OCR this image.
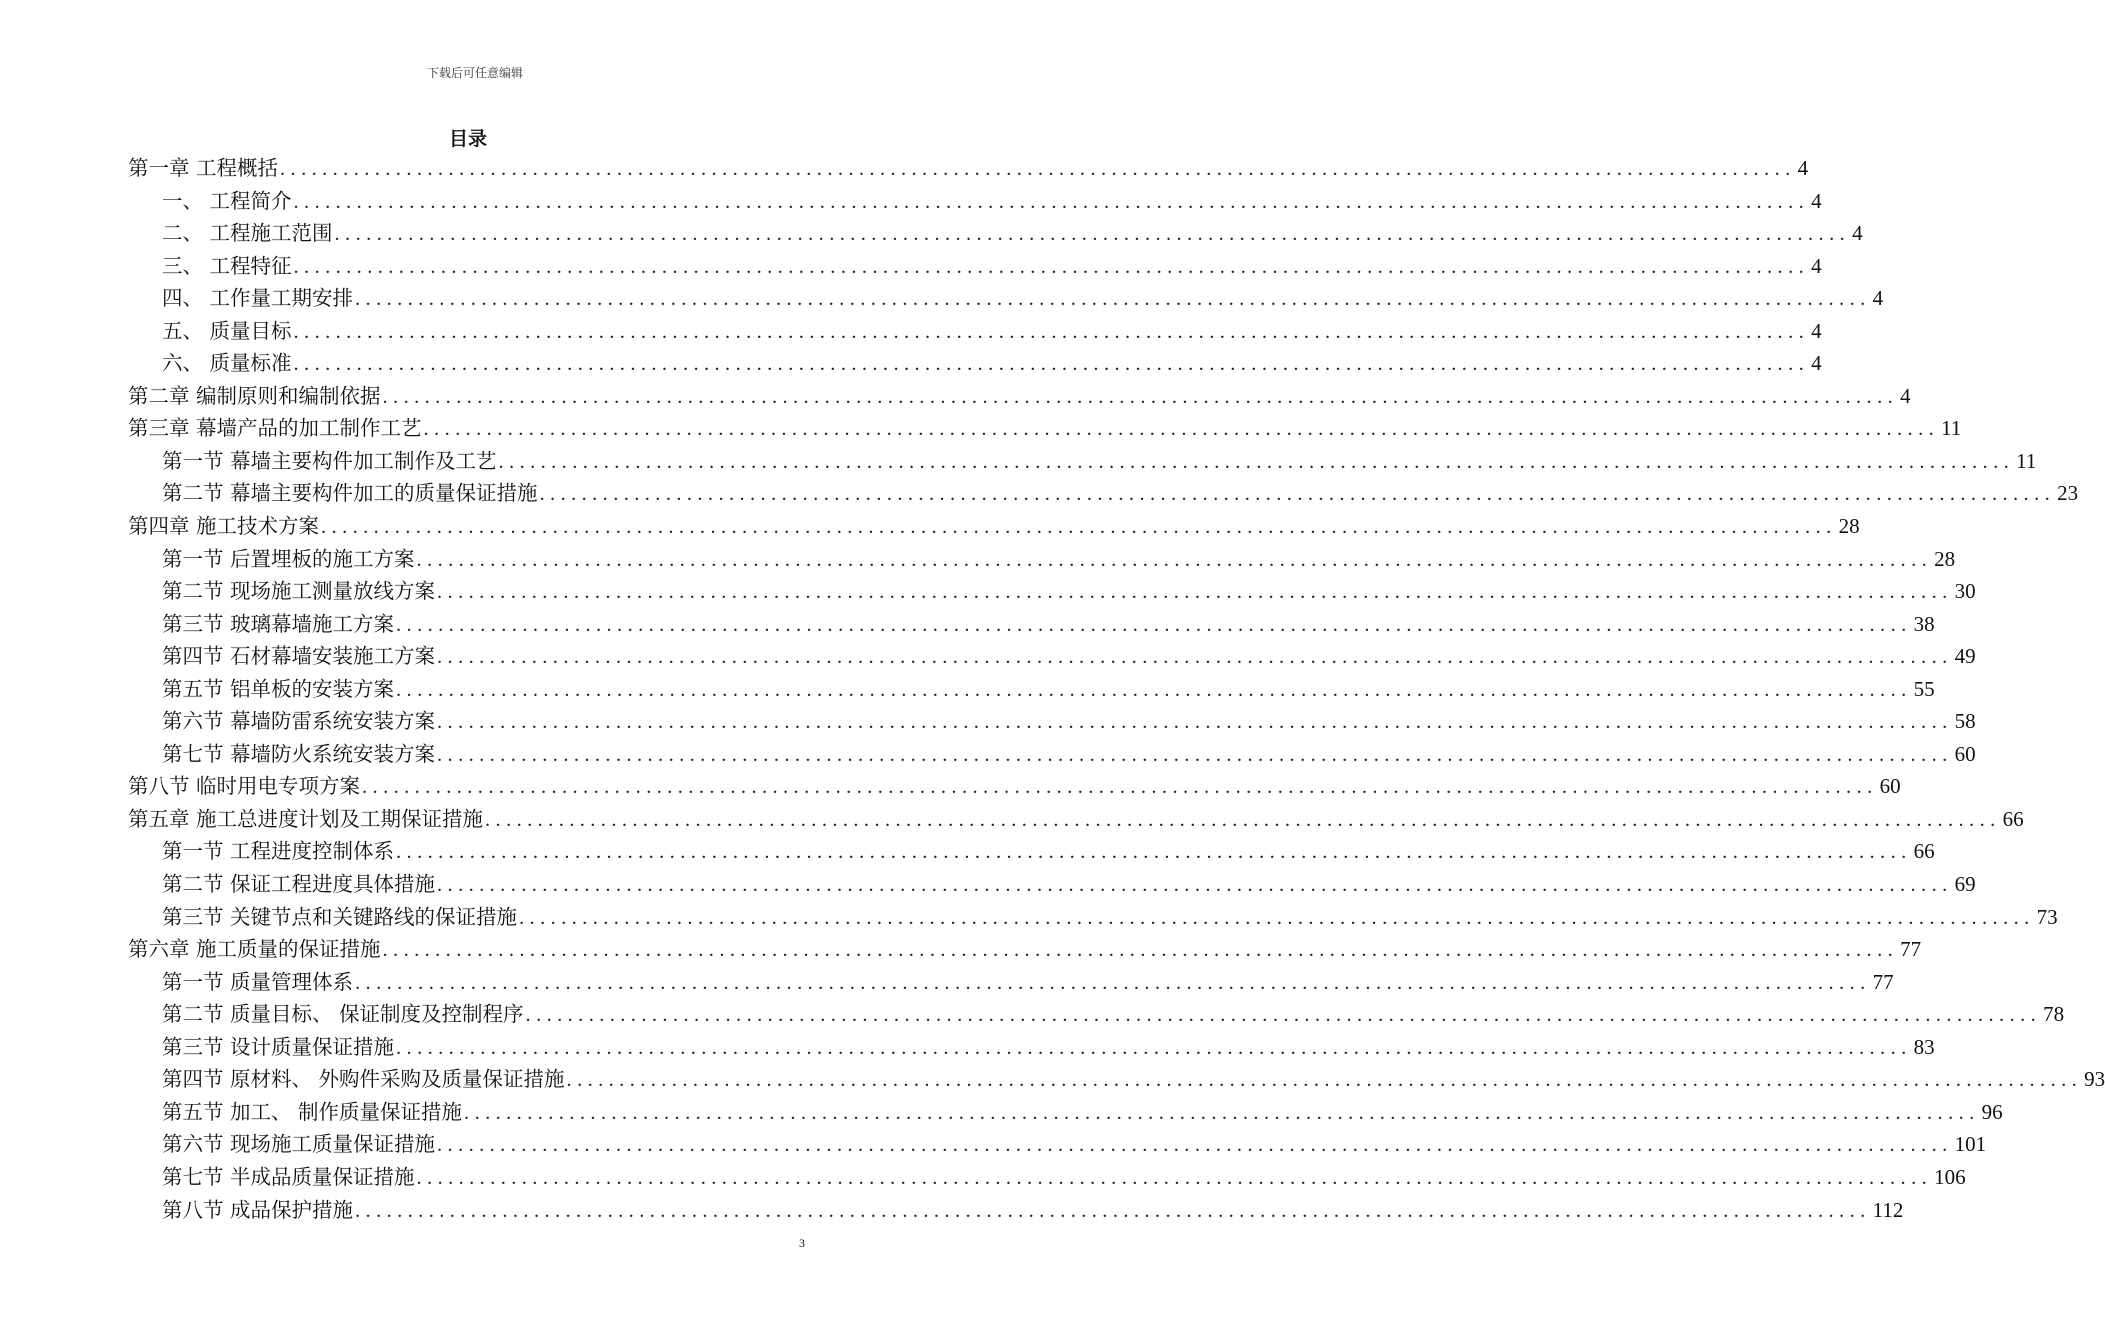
下载后可任意编辑
目录
第一章 工程概括 ................................................................................................................................................ 4
一、 工程简介 ................................................................................................................................................ 4
二、 工程施工范围 ................................................................................................................................................ 4
三、 工程特征 ................................................................................................................................................ 4
四、 工作量工期安排 ................................................................................................................................................ 4
五、 质量目标 ................................................................................................................................................ 4
六、 质量标准 ................................................................................................................................................ 4
第二章 编制原则和编制依据 ................................................................................................................................................ 4
第三章 幕墙产品的加工制作工艺 ................................................................................................................................................ 11
第一节 幕墙主要构件加工制作及工艺 ................................................................................................................................................ 11
第二节 幕墙主要构件加工的质量保证措施 ................................................................................................................................................ 23
第四章 施工技术方案 ................................................................................................................................................ 28
第一节 后置埋板的施工方案 ................................................................................................................................................ 28
第二节 现场施工测量放线方案 ................................................................................................................................................ 30
第三节 玻璃幕墙施工方案 ................................................................................................................................................ 38
第四节 石材幕墙安装施工方案 ................................................................................................................................................ 49
第五节 铝单板的安装方案 ................................................................................................................................................ 55
第六节 幕墙防雷系统安装方案 ................................................................................................................................................ 58
第七节 幕墙防火系统安装方案 ................................................................................................................................................ 60
第八节 临时用电专项方案 ................................................................................................................................................ 60
第五章 施工总进度计划及工期保证措施 ................................................................................................................................................ 66
第一节 工程进度控制体系 ................................................................................................................................................ 66
第二节 保证工程进度具体措施 ................................................................................................................................................ 69
第三节 关键节点和关键路线的保证措施 ................................................................................................................................................ 73
第六章 施工质量的保证措施 ................................................................................................................................................ 77
第一节 质量管理体系 ................................................................................................................................................ 77
第二节 质量目标、 保证制度及控制程序 ................................................................................................................................................ 78
第三节 设计质量保证措施 ................................................................................................................................................ 83
第四节 原材料、 外购件采购及质量保证措施 ................................................................................................................................................ 93
第五节 加工、 制作质量保证措施 ................................................................................................................................................ 96
第六节 现场施工质量保证措施 ................................................................................................................................................ 101
第七节 半成品质量保证措施 ................................................................................................................................................ 106
第八节 成品保护措施 ................................................................................................................................................ 112
3
